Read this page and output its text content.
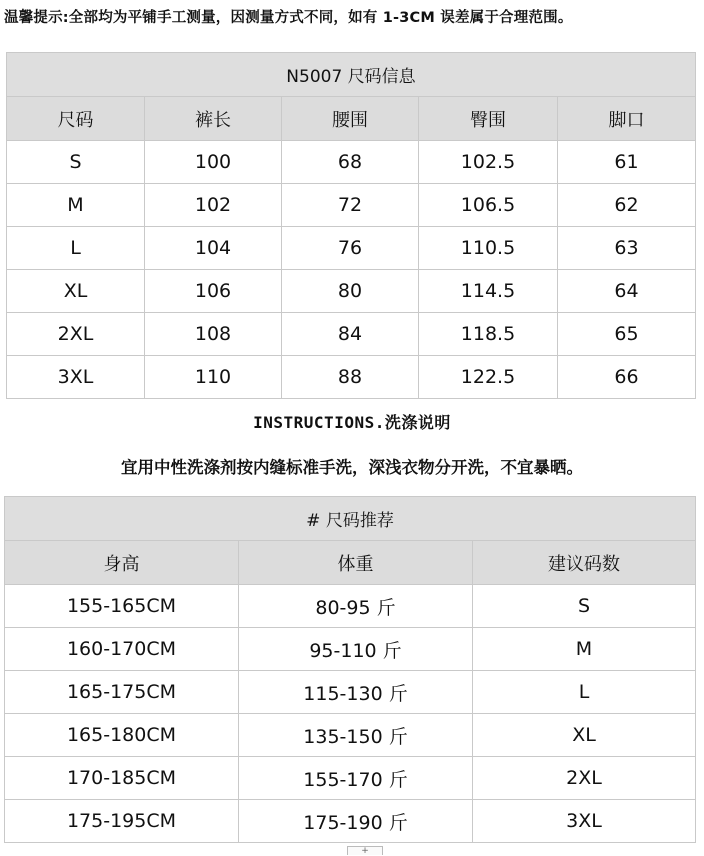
温馨提示:全部均为平铺手工测量，因测量方式不同，如有 1-3CM 误差属于合理范围。
N5007 尺码信息				
尺码	裤长	腰围	臀围	脚口
S	100	68	102.5	61
M	102	72	106.5	62
L	104	76	110.5	63
XL	106	80	114.5	64
2XL	108	84	118.5	65
3XL	110	88	122.5	66
INSTRUCTIONS.洗涤说明
宜用中性洗涤剂按内缝标准手洗，深浅衣物分开洗，不宜暴晒。
# 尺码推荐		
身高	体重	建议码数
155-165CM	80-95 斤	S
160-170CM	95-110 斤	M
165-175CM	115-130 斤	L
165-180CM	135-150 斤	XL
170-185CM	155-170 斤	2XL
175-195CM	175-190 斤	3XL
+
